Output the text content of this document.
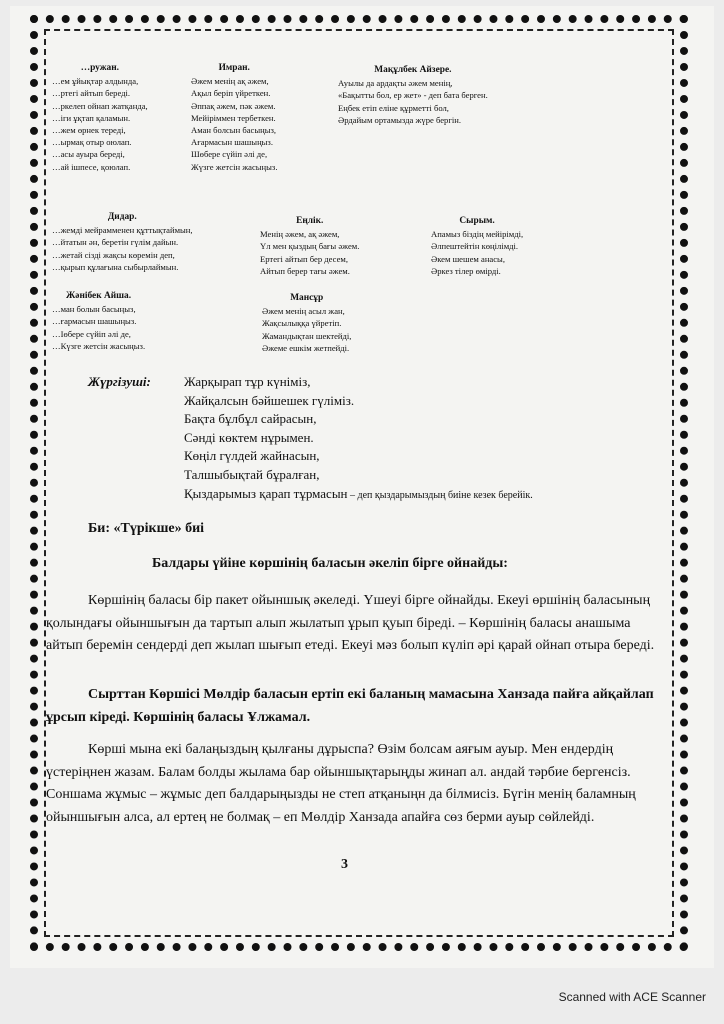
…ружан.
…ем ұйықтар алдында,
…ртегі айтып береді.
…ркелеп ойнап жатқанда,
…іги ұқтап қаламын.
…жем өрнек тереді,
…ырмақ отыр оюлап.
…асы ауыра береді,
…ай ішпесе, қоюлап.
Имран.
Әжем менің ақ әжем,
Ақыл беріп үйреткен.
Әппақ әжем, пәк әжем.
Мейіріммен тербеткен.
Аман болсын басыңыз,
Ағармасын шашыңыз.
Шөбере сүйіп әлі де,
Жүзге жетсін жасыңыз.
Мақұлбек Айзере.
Ауылы да ардақты әжем менің,
«Бақытты бол, ер жет» - деп бата берген.
Еңбек етіп еліне құрметті бол,
Әрдайым ортамызда жүре бергін.
Дидар.
…жемді мейрамменен құттықтаймын,
…йтатын ән, беретін гүлім дайын.
…жетай сізді жақсы көремін деп,
…қырып құлағына сыбырлаймын.
Еңлік.
Менің әжем, ақ әжем,
Үл мен қыздың бағы әжем.
Ертегі айтып бер десем,
Айтып берер тағы әжем.
Сырым.
Апамыз біздің мейірімді,
Әлпештейтін көңілімді.
Әкем шешем анасы,
Әркез тілер өмірді.
Жәнібек Айша.
…ман болын басыңыз,
…ғармасын шашыңыз.
…Іөбере сүйіп әлі де,
…Күзге жетсін жасыңыз.
Мансұр
Әжем менің асыл жан,
Жақсылыққа үйретіп.
Жамандықтан шектейді,
Әжеме ешкім жетпейді.
Жүргізуші:	Жарқырап тұр күніміз,
Жайқалсын бәйшешек гүліміз.
Бақта бұлбұл сайрасын,
Сәнді көктем нұрымен.
Көңіл гүлдей жайнасын,
Талшыбықтай бұралған,
Қыздарымыз қарап тұрмасын – деп қыздарымыздың биіне кезек берейік.
Би: «Түрікше» биі
Балдары үйіне көршінің баласын әкеліп бірге ойнайды:
Көршінің баласы бір пакет ойыншық әкеледі. Үшеуі бірге ойнайды. Екеуі өршінің баласының қолындағы ойыншығын да тартып алып жылатып ұрып қуып біреді. – Көршінің баласы анашыма айтып беремін сендерді деп жылап шығып етеді. Екеуі мәз болып күліп әрі қарай ойнап отыра береді.
Сырттан Көршісі Мөлдір баласын ертіп екі баланың мамасына Ханзада пайға айқайлап ұрсып кіреді. Көршінің баласы Ұлжамал.
Көрші мына екі балаңыздың қылғаны дұрыспа? Өзім болсам аяғым ауыр. Мен ендердің үстеріңнен жазам. Балам болды жылама бар ойыншықтарыңды жинап ал. андай тәрбие бергенсіз. Соншама жұмыс – жұмыс деп балдарыңызды не степ атқаныңн да білмисіз. Бүгін менің баламның ойыншығын алса, ал ертең не болмақ – еп Мөлдір Ханзада апайға сөз берми ауыр сөйлейді.
3
Scanned with ACE Scanner
